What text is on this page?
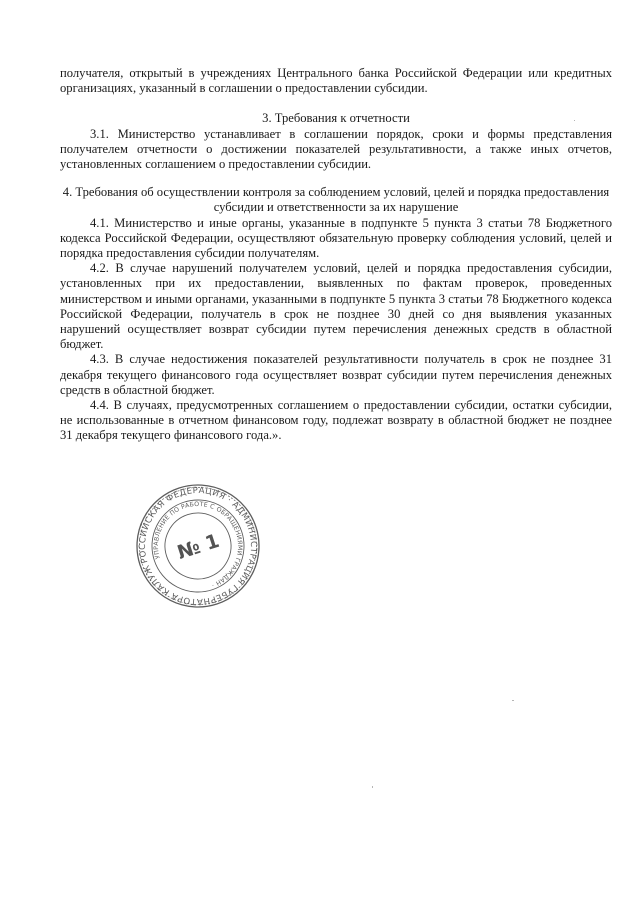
получателя, открытый в учреждениях Центрального банка Российской Федерации или кредитных организациях, указанный в соглашении о предоставлении субсидии.

3. Требования к отчетности

3.1. Министерство устанавливает в соглашении порядок, сроки и формы представления получателем отчетности о достижении показателей результативности, а также иных отчетов, установленных соглашением о предоставлении субсидии.

4. Требования об осуществлении контроля за соблюдением условий, целей и порядка предоставления субсидии и ответственности за их нарушение

4.1. Министерство и иные органы, указанные в подпункте 5 пункта 3 статьи 78 Бюджетного кодекса Российской Федерации, осуществляют обязательную проверку соблюдения условий, целей и порядка предоставления субсидии получателям.

4.2. В случае нарушений получателем условий, целей и порядка предоставления субсидии, установленных при их предоставлении, выявленных по фактам проверок, проведенных министерством и иными органами, указанными в подпункте 5 пункта 3 статьи 78 Бюджетного кодекса Российской Федерации, получатель в срок не позднее 30 дней со дня выявления указанных нарушений осуществляет возврат субсидии путем перечисления денежных средств в областной бюджет.

4.3. В случае недостижения показателей результативности получатель в срок не позднее 31 декабря текущего финансового года осуществляет возврат субсидии путем перечисления денежных средств в областной бюджет.

4.4. В случаях, предусмотренных соглашением о предоставлении субсидии, остатки субсидии, не использованные в отчетном финансовом году, подлежат возврату в областной бюджет не позднее 31 декабря текущего финансового года.».

РОССИЙСКАЯ ФЕДЕРАЦИЯ · АДМИНИСТРАЦИЯ ГУБЕРНАТОРА КАЛУЖСКОЙ
УПРАВЛЕНИЕ ПО РАБОТЕ С ОБРАЩЕНИЯМИ ГРАЖДАН ·
№ 1
